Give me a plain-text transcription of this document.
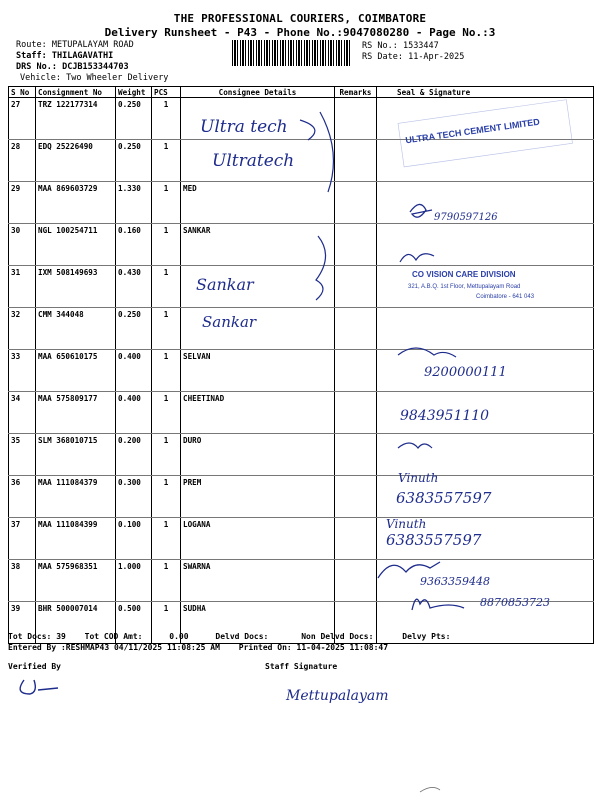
THE PROFESSIONAL COURIERS, COIMBATORE
Delivery Runsheet - P43 - Phone No.:9047080280 - Page No.:3
Route: METUPALAYAM ROAD
Staff: THILAGAVATHI
DRS No.: DCJB153344703
Vehicle: Two Wheeler Delivery
RS No.: 1533447
RS Date: 11-Apr-2025
S No	Consignment No	Weight	PCS	Consignee Details	Remarks	Seal & Signature
27	TRZ 122177314	0.250	1			
28	EDQ 25226490	0.250	1			
29	MAA 869603729	1.330	1	MED		
30	NGL 100254711	0.160	1	SANKAR		
31	IXM 508149693	0.430	1			
32	CMM 344048	0.250	1			
33	MAA 650610175	0.400	1	SELVAN		
34	MAA 575809177	0.400	1	CHEETINAD		
35	SLM 368010715	0.200	1	DURO		
36	MAA 111084379	0.300	1	PREM		
37	MAA 111084399	0.100	1	LOGANA		
38	MAA 575968351	1.000	1	SWARNA		
39	BHR 500007014	0.500	1	SUDHA		
ULTRA TECH CEMENT LIMITED
CO VISION CARE DIVISION
321, A.B.Q. 1st Floor, Mettupalayam Road
Coimbatore - 641 043
Ultra tech
Ultratech
Sankar
Sankar
9790597126
9200000111
9843951110
Vinuth
6383557597
Vinuth
6383557597
9363359448
8870853723
Mettupalayam
Tot Docs: 39 Tot COD Amt:	0.00	Delvd Docs:	Non Delvd Docs:	Delvy Pts:
Entered By :RESHMAP43 04/11/2025 11:08:25 AM Printed On: 11-04-2025 11:08:47
Verified By	Staff Signature
